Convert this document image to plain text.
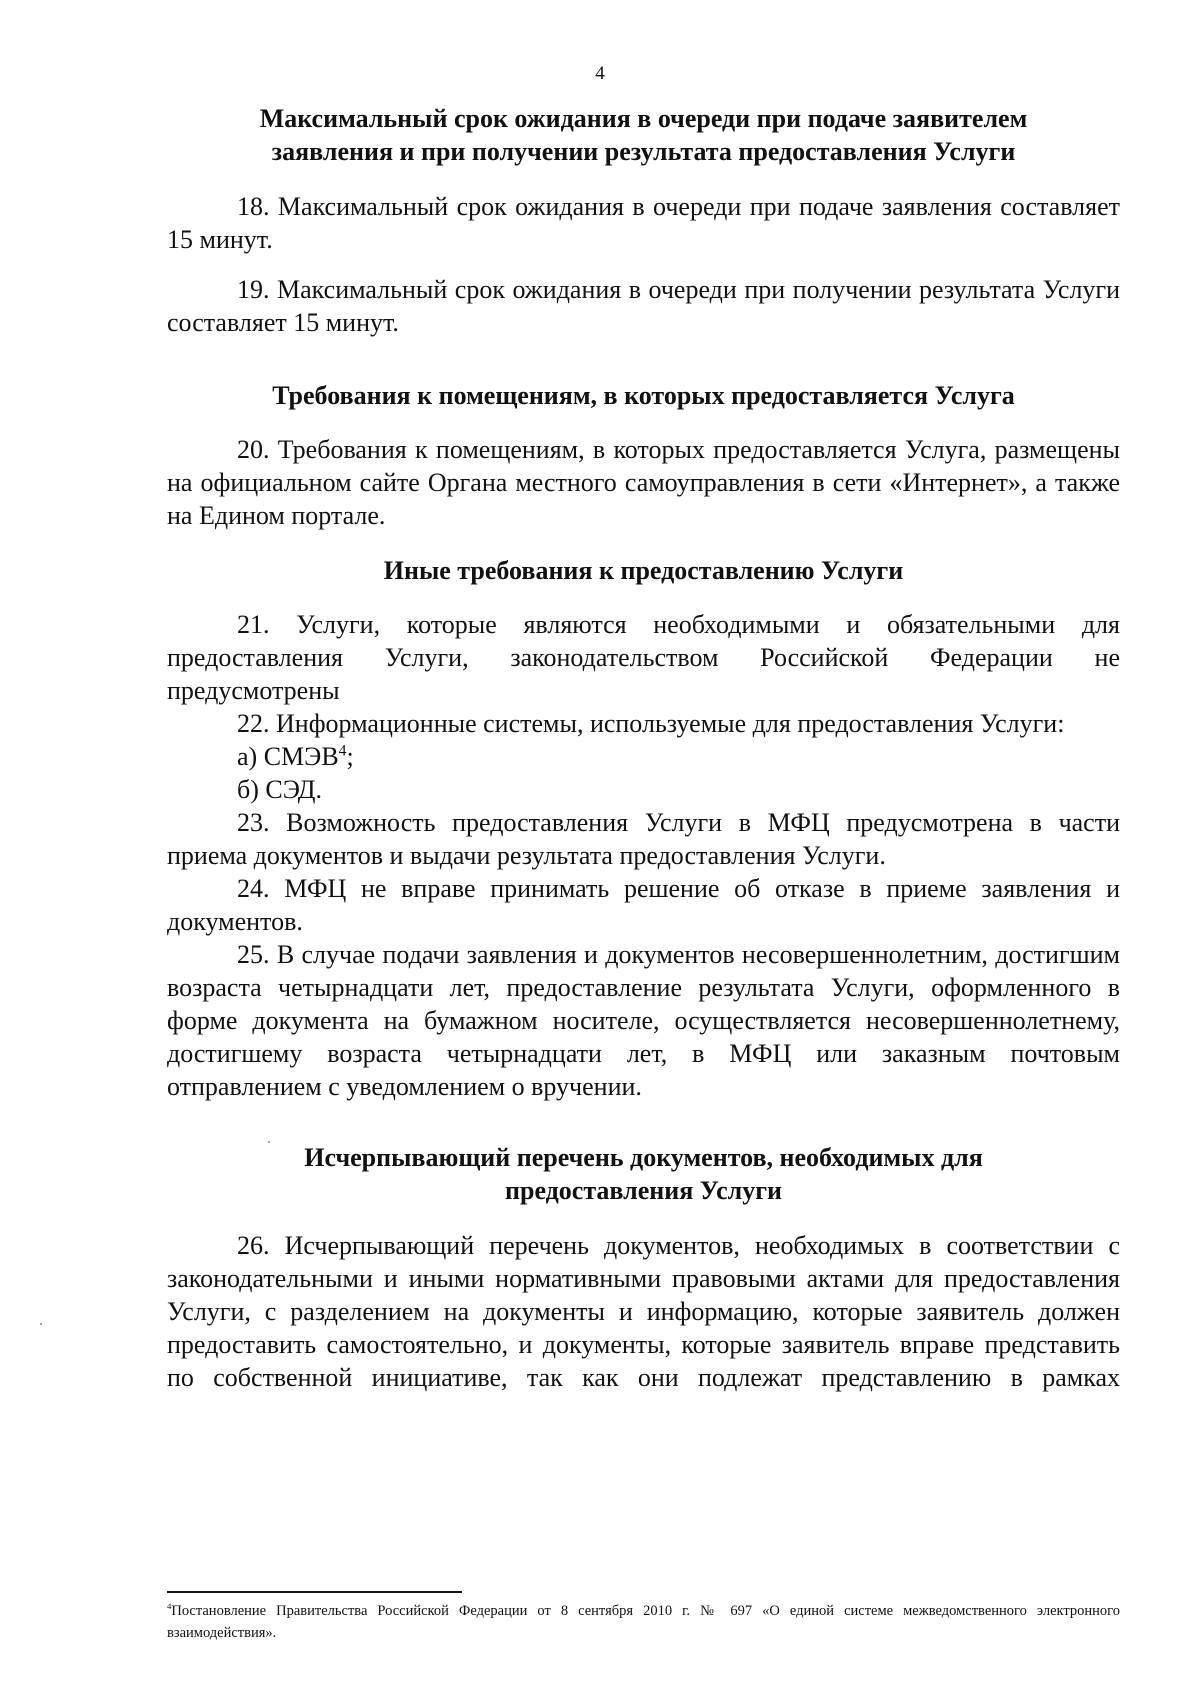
4

Максимальный срок ожидания в очереди при подаче заявителем заявления и при получении результата предоставления Услуги

18. Максимальный срок ожидания в очереди при подаче заявления составляет 15 минут.

19. Максимальный срок ожидания в очереди при получении результата Услуги составляет 15 минут.

Требования к помещениям, в которых предоставляется Услуга

20. Требования к помещениям, в которых предоставляется Услуга, размещены на официальном сайте Органа местного самоуправления в сети «Интернет», а также на Едином портале.

Иные требования к предоставлению Услуги

21. Услуги, которые являются необходимыми и обязательными для предоставления Услуги, законодательством Российской Федерации не предусмотрены

22. Информационные системы, используемые для предоставления Услуги:

а) СМЭВ$^4$;

б) СЭД.

23. Возможность предоставления Услуги в МФЦ предусмотрена в части приема документов и выдачи результата предоставления Услуги.

24. МФЦ не вправе принимать решение об отказе в приеме заявления и документов.

25. В случае подачи заявления и документов несовершеннолетним, достигшим возраста четырнадцати лет, предоставление результата Услуги, оформленного в форме документа на бумажном носителе, осуществляется несовершеннолетнему, достигшему возраста четырнадцати лет, в МФЦ или заказным почтовым отправлением с уведомлением о вручении.

Исчерпывающий перечень документов, необходимых для
предоставления Услуги

26. Исчерпывающий перечень документов, необходимых в соответствии с законодательными и иными нормативными правовыми актами для предоставления Услуги, с разделением на документы и информацию, которые заявитель должен предоставить самостоятельно, и документы, которые заявитель вправе представить по собственной инициативе, так как они подлежат представлению в рамках

$^4$Постановление Правительства Российской Федерации от 8 сентября 2010 г. № 697 «О единой системе межведомственного электронного взаимодействия».
